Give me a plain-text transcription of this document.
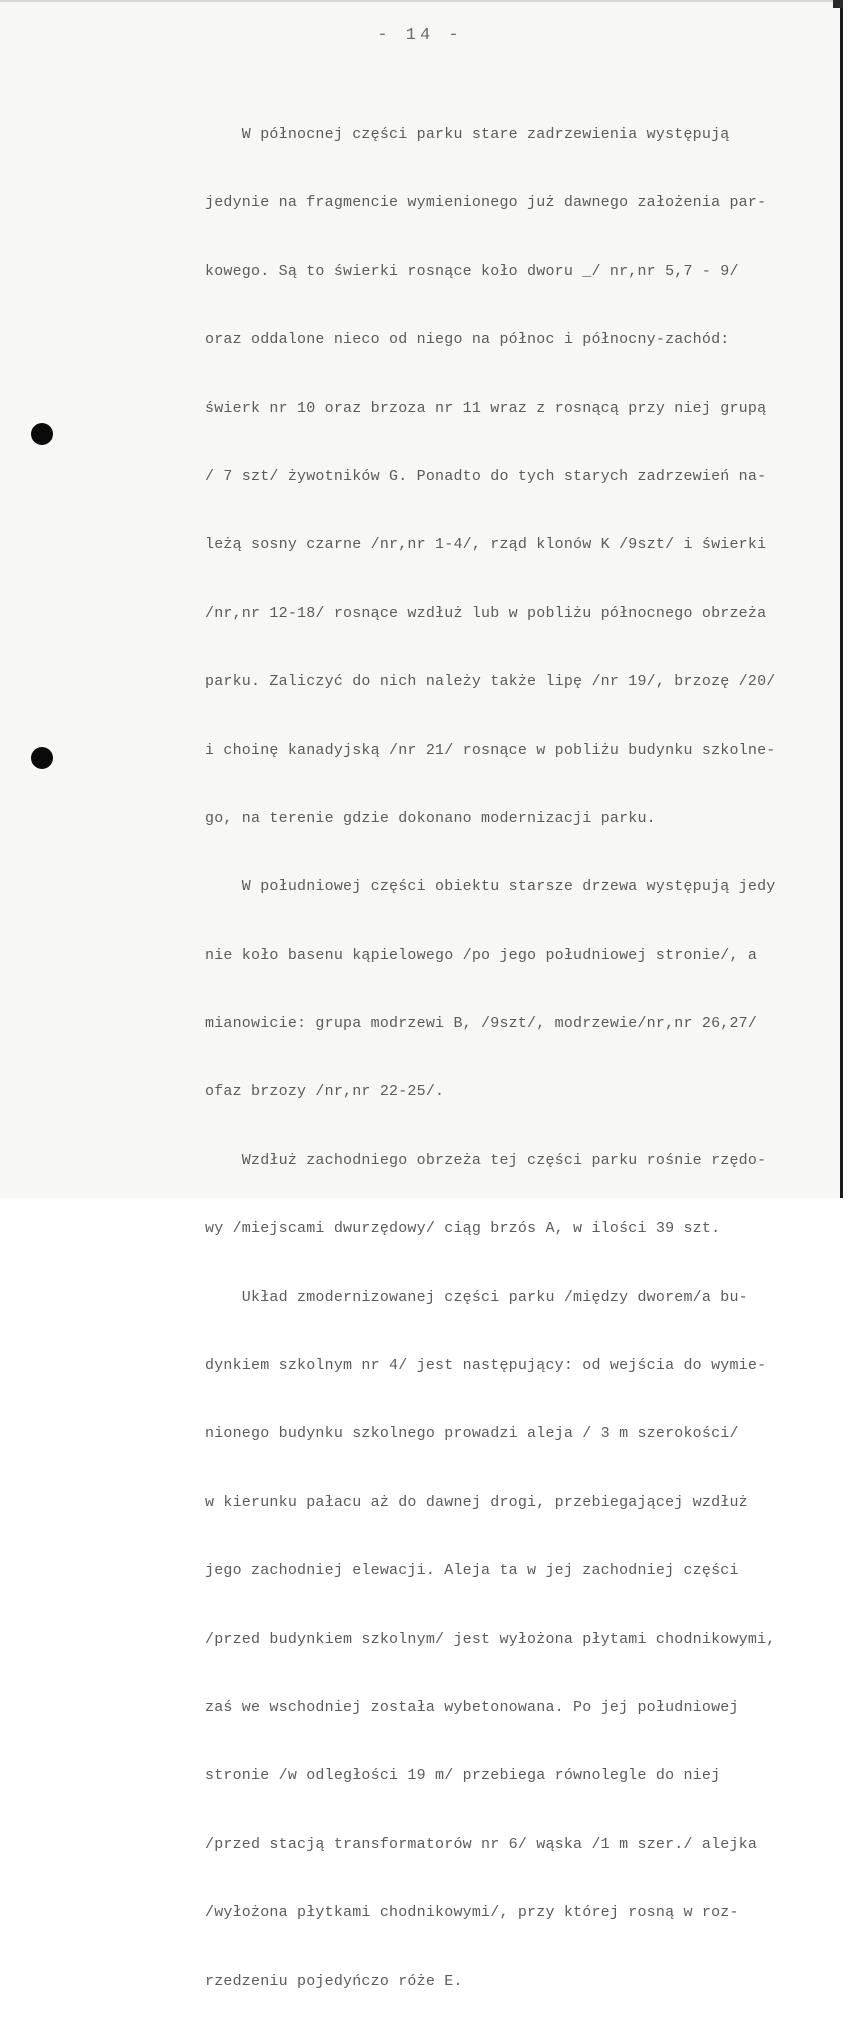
- 14 -

W północnej części parku stare zadrzewienia występują

jedynie na fragmencie wymienionego już dawnego założenia par-

kowego. Są to świerki rosnące koło dworu _/ nr,nr 5,7 - 9/

oraz oddalone nieco od niego na północ i północny-zachód:

świerk nr 10 oraz brzoza nr 11 wraz z rosnącą przy niej grupą

/ 7 szt/ żywotników G. Ponadto do tych starych zadrzewień na-

leżą sosny czarne /nr,nr 1-4/, rząd klonów K /9szt/ i świerki

/nr,nr 12-18/ rosnące wzdłuż lub w pobliżu północnego obrzeża

parku. Zaliczyć do nich należy także lipę /nr 19/, brzozę /20/

i choinę kanadyjską /nr 21/ rosnące w pobliżu budynku szkolne-

go, na terenie gdzie dokonano modernizacji parku.

W południowej części obiektu starsze drzewa występują jedy

nie koło basenu kąpielowego /po jego południowej stronie/, a

mianowicie: grupa modrzewi B, /9szt/, modrzewie/nr,nr 26,27/

ofaz brzozy /nr,nr 22-25/.

Wzdłuż zachodniego obrzeża tej części parku rośnie rzędo-

wy /miejscami dwurzędowy/ ciąg brzós A, w ilości 39 szt.

Układ zmodernizowanej części parku /między dworem/a bu-

dynkiem szkolnym nr 4/ jest następujący: od wejścia do wymie-

nionego budynku szkolnego prowadzi aleja / 3 m szerokości/

w kierunku pałacu aż do dawnej drogi, przebiegającej wzdłuż

jego zachodniej elewacji. Aleja ta w jej zachodniej części

/przed budynkiem szkolnym/ jest wyłożona płytami chodnikowymi,

zaś we wschodniej została wybetonowana. Po jej południowej

stronie /w odległości 19 m/ przebiega równolegle do niej

/przed stacją transformatorów nr 6/ wąska /1 m szer./ alejka

/wyłożona płytkami chodnikowymi/, przy której rosną w roz-

rzedzeniu pojedyńczo róże E.
